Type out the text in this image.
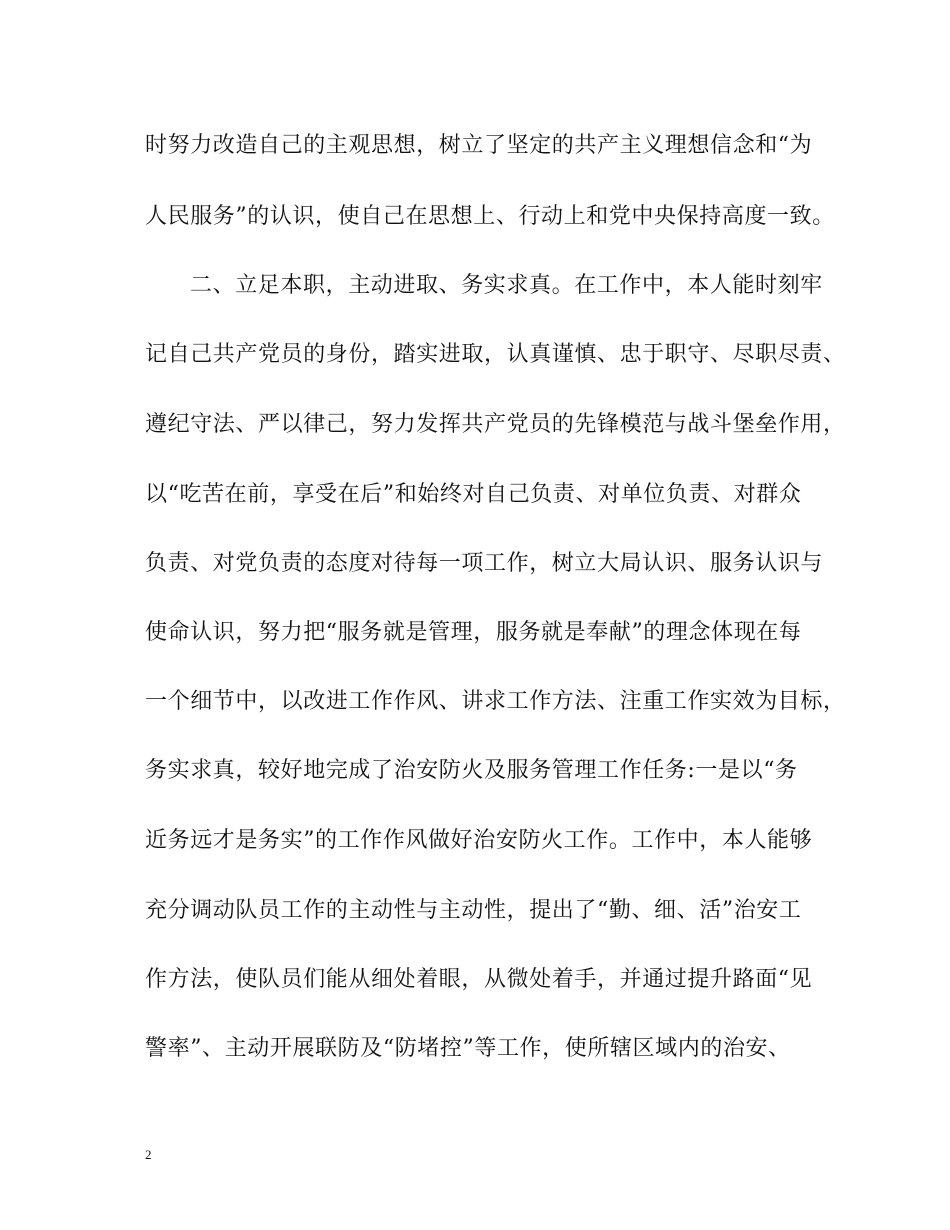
时努力改造自己的主观思想，树立了坚定的共产主义理想信念和“为
人民服务”的认识，使自己在思想上、行动上和党中央保持高度一致。
二、立足本职，主动进取、务实求真。在工作中，本人能时刻牢
记自己共产党员的身份，踏实进取，认真谨慎、忠于职守、尽职尽责、
遵纪守法、严以律己，努力发挥共产党员的先锋模范与战斗堡垒作用，
以“吃苦在前，享受在后”和始终对自己负责、对单位负责、对群众
负责、对党负责的态度对待每一项工作，树立大局认识、服务认识与
使命认识，努力把“服务就是管理，服务就是奉献”的理念体现在每
一个细节中，以改进工作作风、讲求工作方法、注重工作实效为目标，
务实求真，较好地完成了治安防火及服务管理工作任务:一是以“务
近务远才是务实”的工作作风做好治安防火工作。工作中，本人能够
充分调动队员工作的主动性与主动性，提出了“勤、细、活”治安工
作方法，使队员们能从细处着眼，从微处着手，并通过提升路面“见
警率”、主动开展联防及“防堵控”等工作，使所辖区域内的治安、
2
